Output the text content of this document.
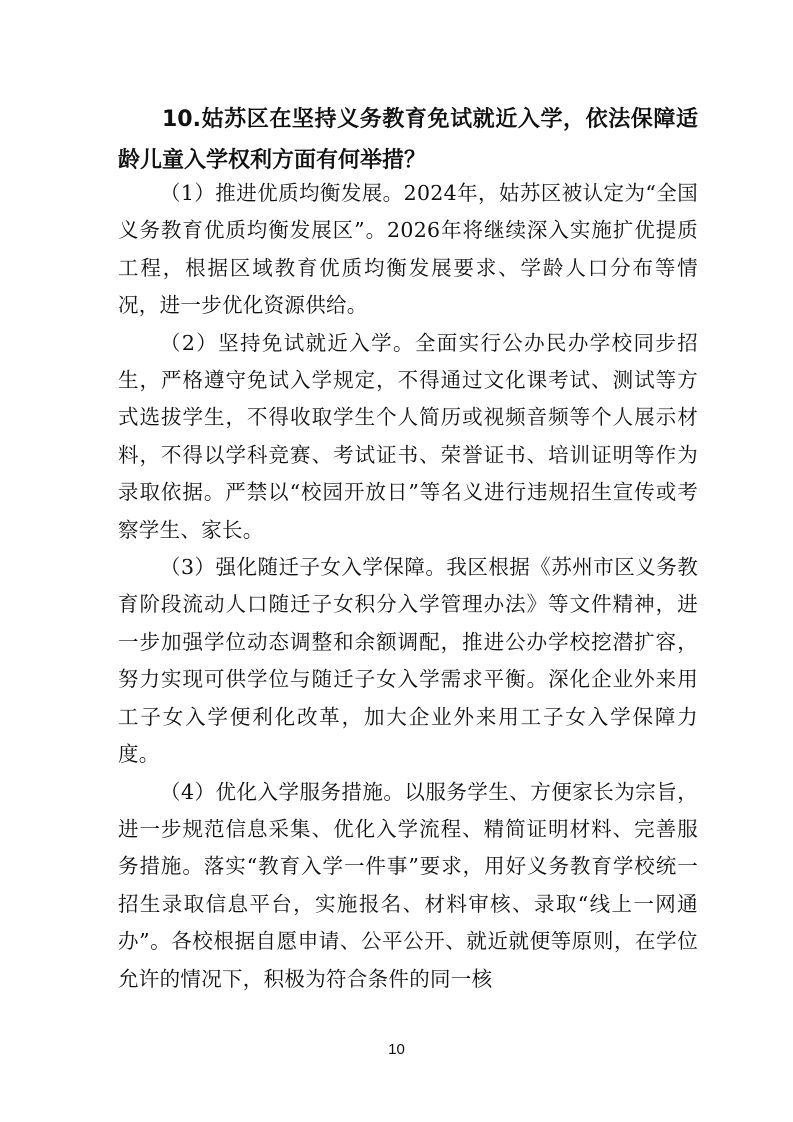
10.姑苏区在坚持义务教育免试就近入学，依法保障适龄儿童入学权利方面有何举措？

（1）推进优质均衡发展。2024年，姑苏区被认定为“全国义务教育优质均衡发展区”。2026年将继续深入实施扩优提质工程，根据区域教育优质均衡发展要求、学龄人口分布等情况，进一步优化资源供给。

（2）坚持免试就近入学。全面实行公办民办学校同步招生，严格遵守免试入学规定，不得通过文化课考试、测试等方式选拔学生，不得收取学生个人简历或视频音频等个人展示材料，不得以学科竞赛、考试证书、荣誉证书、培训证明等作为录取依据。严禁以“校园开放日”等名义进行违规招生宣传或考察学生、家长。

（3）强化随迁子女入学保障。我区根据《苏州市区义务教育阶段流动人口随迁子女积分入学管理办法》等文件精神，进一步加强学位动态调整和余额调配，推进公办学校挖潜扩容，努力实现可供学位与随迁子女入学需求平衡。深化企业外来用工子女入学便利化改革，加大企业外来用工子女入学保障力度。

（4）优化入学服务措施。以服务学生、方便家长为宗旨，进一步规范信息采集、优化入学流程、精简证明材料、完善服务措施。落实“教育入学一件事”要求，用好义务教育学校统一招生录取信息平台，实施报名、材料审核、录取“线上一网通办”。各校根据自愿申请、公平公开、就近就便等原则，在学位允许的情况下，积极为符合条件的同一核

10
